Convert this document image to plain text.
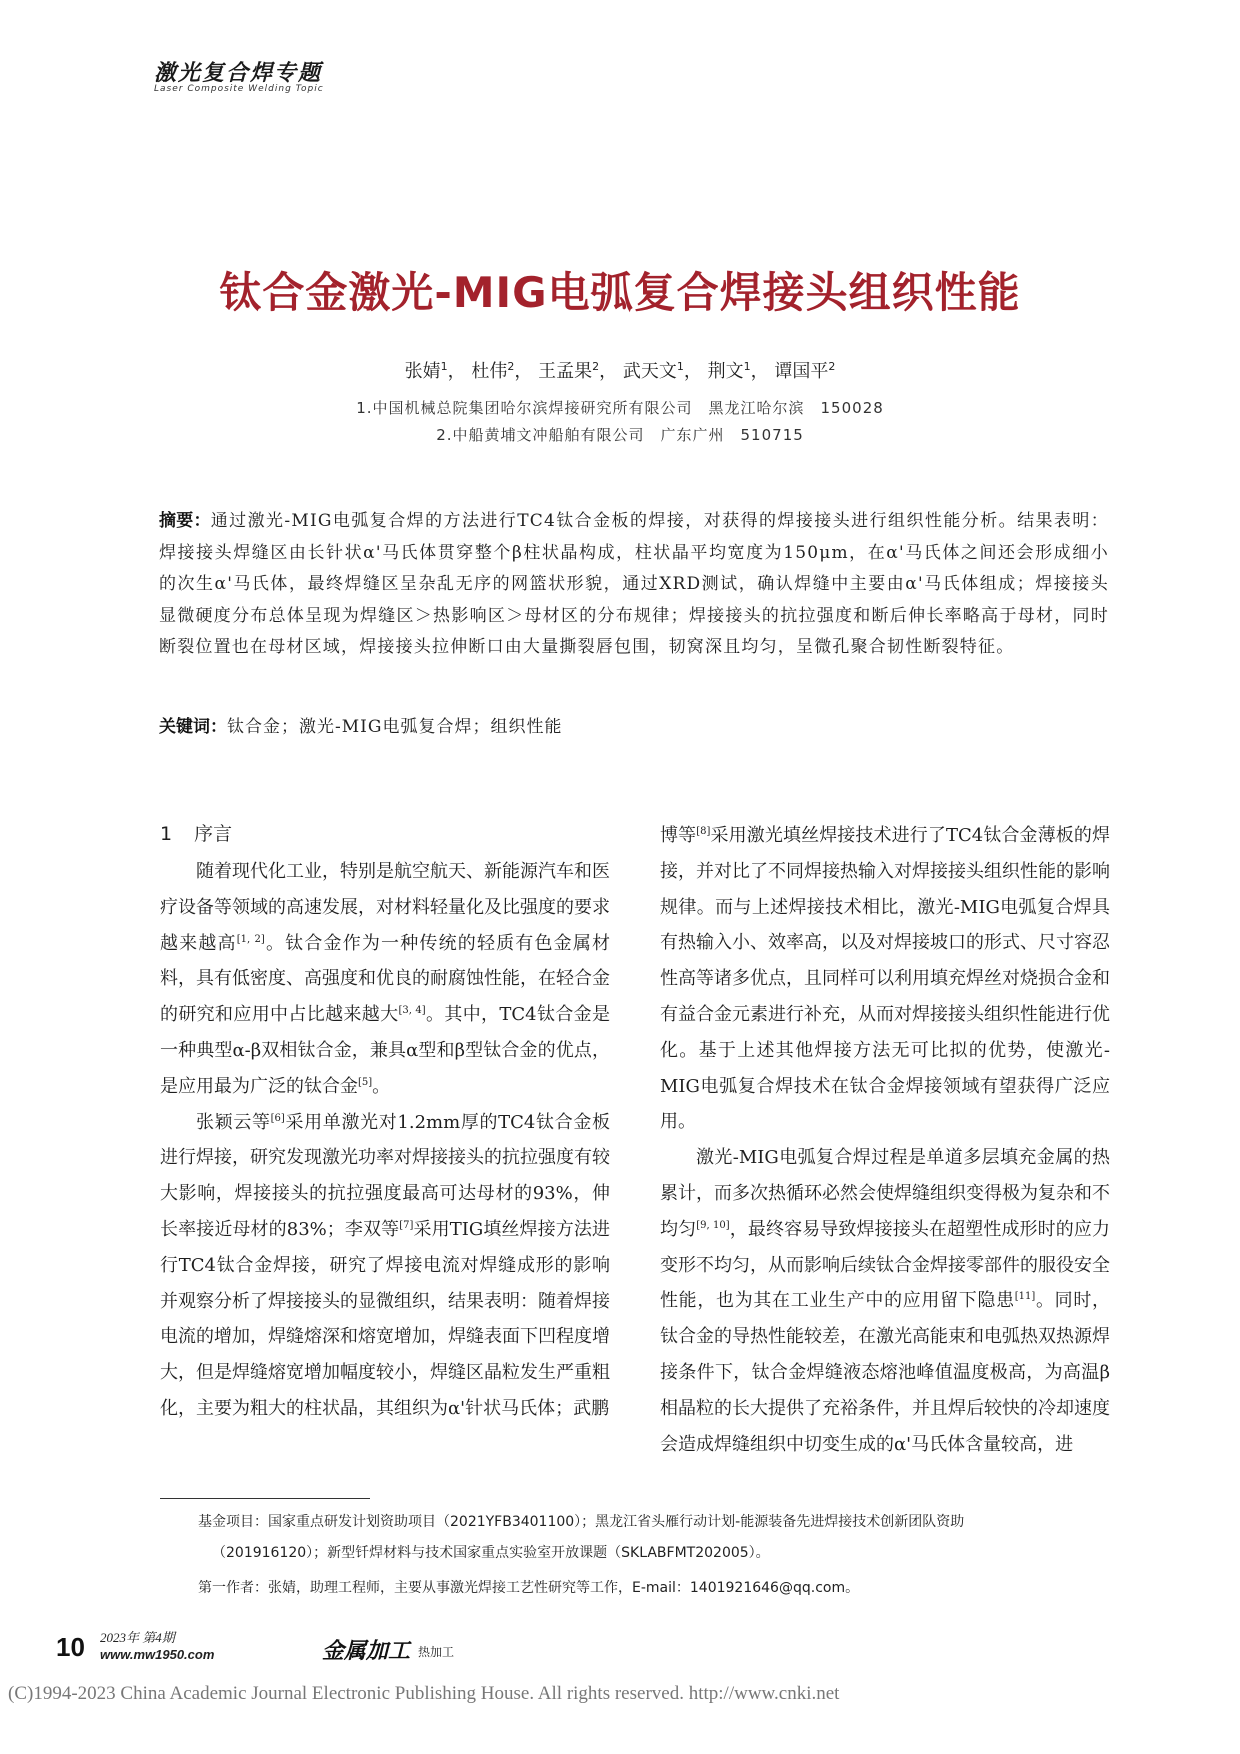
激光复合焊专题
Laser Composite Welding Topic
钛合金激光-MIG电弧复合焊接头组织性能
张婧$^1$， 杜伟$^2$， 王孟果$^2$， 武天文$^1$， 荆文$^1$， 谭国平$^2$
1.中国机械总院集团哈尔滨焊接研究所有限公司　黑龙江哈尔滨　150028
2.中船黄埔文冲船舶有限公司　广东广州　510715
摘要：通过激光-MIG电弧复合焊的方法进行TC4钛合金板的焊接，对获得的焊接接头进行组织性能分析。结果表明：焊接接头焊缝区由长针状α'马氏体贯穿整个β柱状晶构成，柱状晶平均宽度为150μm，在α'马氏体之间还会形成细小的次生α'马氏体，最终焊缝区呈杂乱无序的网篮状形貌，通过XRD测试，确认焊缝中主要由α'马氏体组成；焊接接头显微硬度分布总体呈现为焊缝区＞热影响区＞母材区的分布规律；焊接接头的抗拉强度和断后伸长率略高于母材，同时断裂位置也在母材区域，焊接接头拉伸断口由大量撕裂唇包围，韧窝深且均匀，呈微孔聚合韧性断裂特征。
关键词：钛合金；激光-MIG电弧复合焊；组织性能
1 序言

随着现代化工业，特别是航空航天、新能源汽车和医疗设备等领域的高速发展，对材料轻量化及比强度的要求越来越高[1, 2]。钛合金作为一种传统的轻质有色金属材料，具有低密度、高强度和优良的耐腐蚀性能，在轻合金的研究和应用中占比越来越大[3, 4]。其中，TC4钛合金是一种典型α-β双相钛合金，兼具α型和β型钛合金的优点，是应用最为广泛的钛合金[5]。

张颖云等[6]采用单激光对1.2mm厚的TC4钛合金板进行焊接，研究发现激光功率对焊接接头的抗拉强度有较大影响，焊接接头的抗拉强度最高可达母材的93%，伸长率接近母材的83%；李双等[7]采用TIG填丝焊接方法进行TC4钛合金焊接，研究了焊接电流对焊缝成形的影响并观察分析了焊接接头的显微组织，结果表明：随着焊接电流的增加，焊缝熔深和熔宽增加，焊缝表面下凹程度增大，但是焊缝熔宽增加幅度较小，焊缝区晶粒发生严重粗化，主要为粗大的柱状晶，其组织为α'针状马氏体；武鹏

博等[8]采用激光填丝焊接技术进行了TC4钛合金薄板的焊接，并对比了不同焊接热输入对焊接接头组织性能的影响规律。而与上述焊接技术相比，激光-MIG电弧复合焊具有热输入小、效率高，以及对焊接坡口的形式、尺寸容忍性高等诸多优点，且同样可以利用填充焊丝对烧损合金和有益合金元素进行补充，从而对焊接接头组织性能进行优化。基于上述其他焊接方法无可比拟的优势，使激光-MIG电弧复合焊技术在钛合金焊接领域有望获得广泛应用。

激光-MIG电弧复合焊过程是单道多层填充金属的热累计，而多次热循环必然会使焊缝组织变得极为复杂和不均匀[9, 10]，最终容易导致焊接接头在超塑性成形时的应力变形不均匀，从而影响后续钛合金焊接零部件的服役安全性能，也为其在工业生产中的应用留下隐患[11]。同时，钛合金的导热性能较差，在激光高能束和电弧热双热源焊接条件下，钛合金焊缝液态熔池峰值温度极高，为高温β相晶粒的长大提供了充裕条件，并且焊后较快的冷却速度会造成焊缝组织中切变生成的α'马氏体含量较高，进

基金项目：国家重点研发计划资助项目（2021YFB3401100）；黑龙江省头雁行动计划-能源装备先进焊接技术创新团队资助
（201916120）；新型钎焊材料与技术国家重点实验室开放课题（SKLABFMT202005）。
第一作者：张婧，助理工程师，主要从事激光焊接工艺性研究等工作，E-mail：1401921646@qq.com。
10 2023年 第4期
www.mw1950.com	金属加工 热加工
(C)1994-2023 China Academic Journal Electronic Publishing House. All rights reserved. http://www.cnki.net
